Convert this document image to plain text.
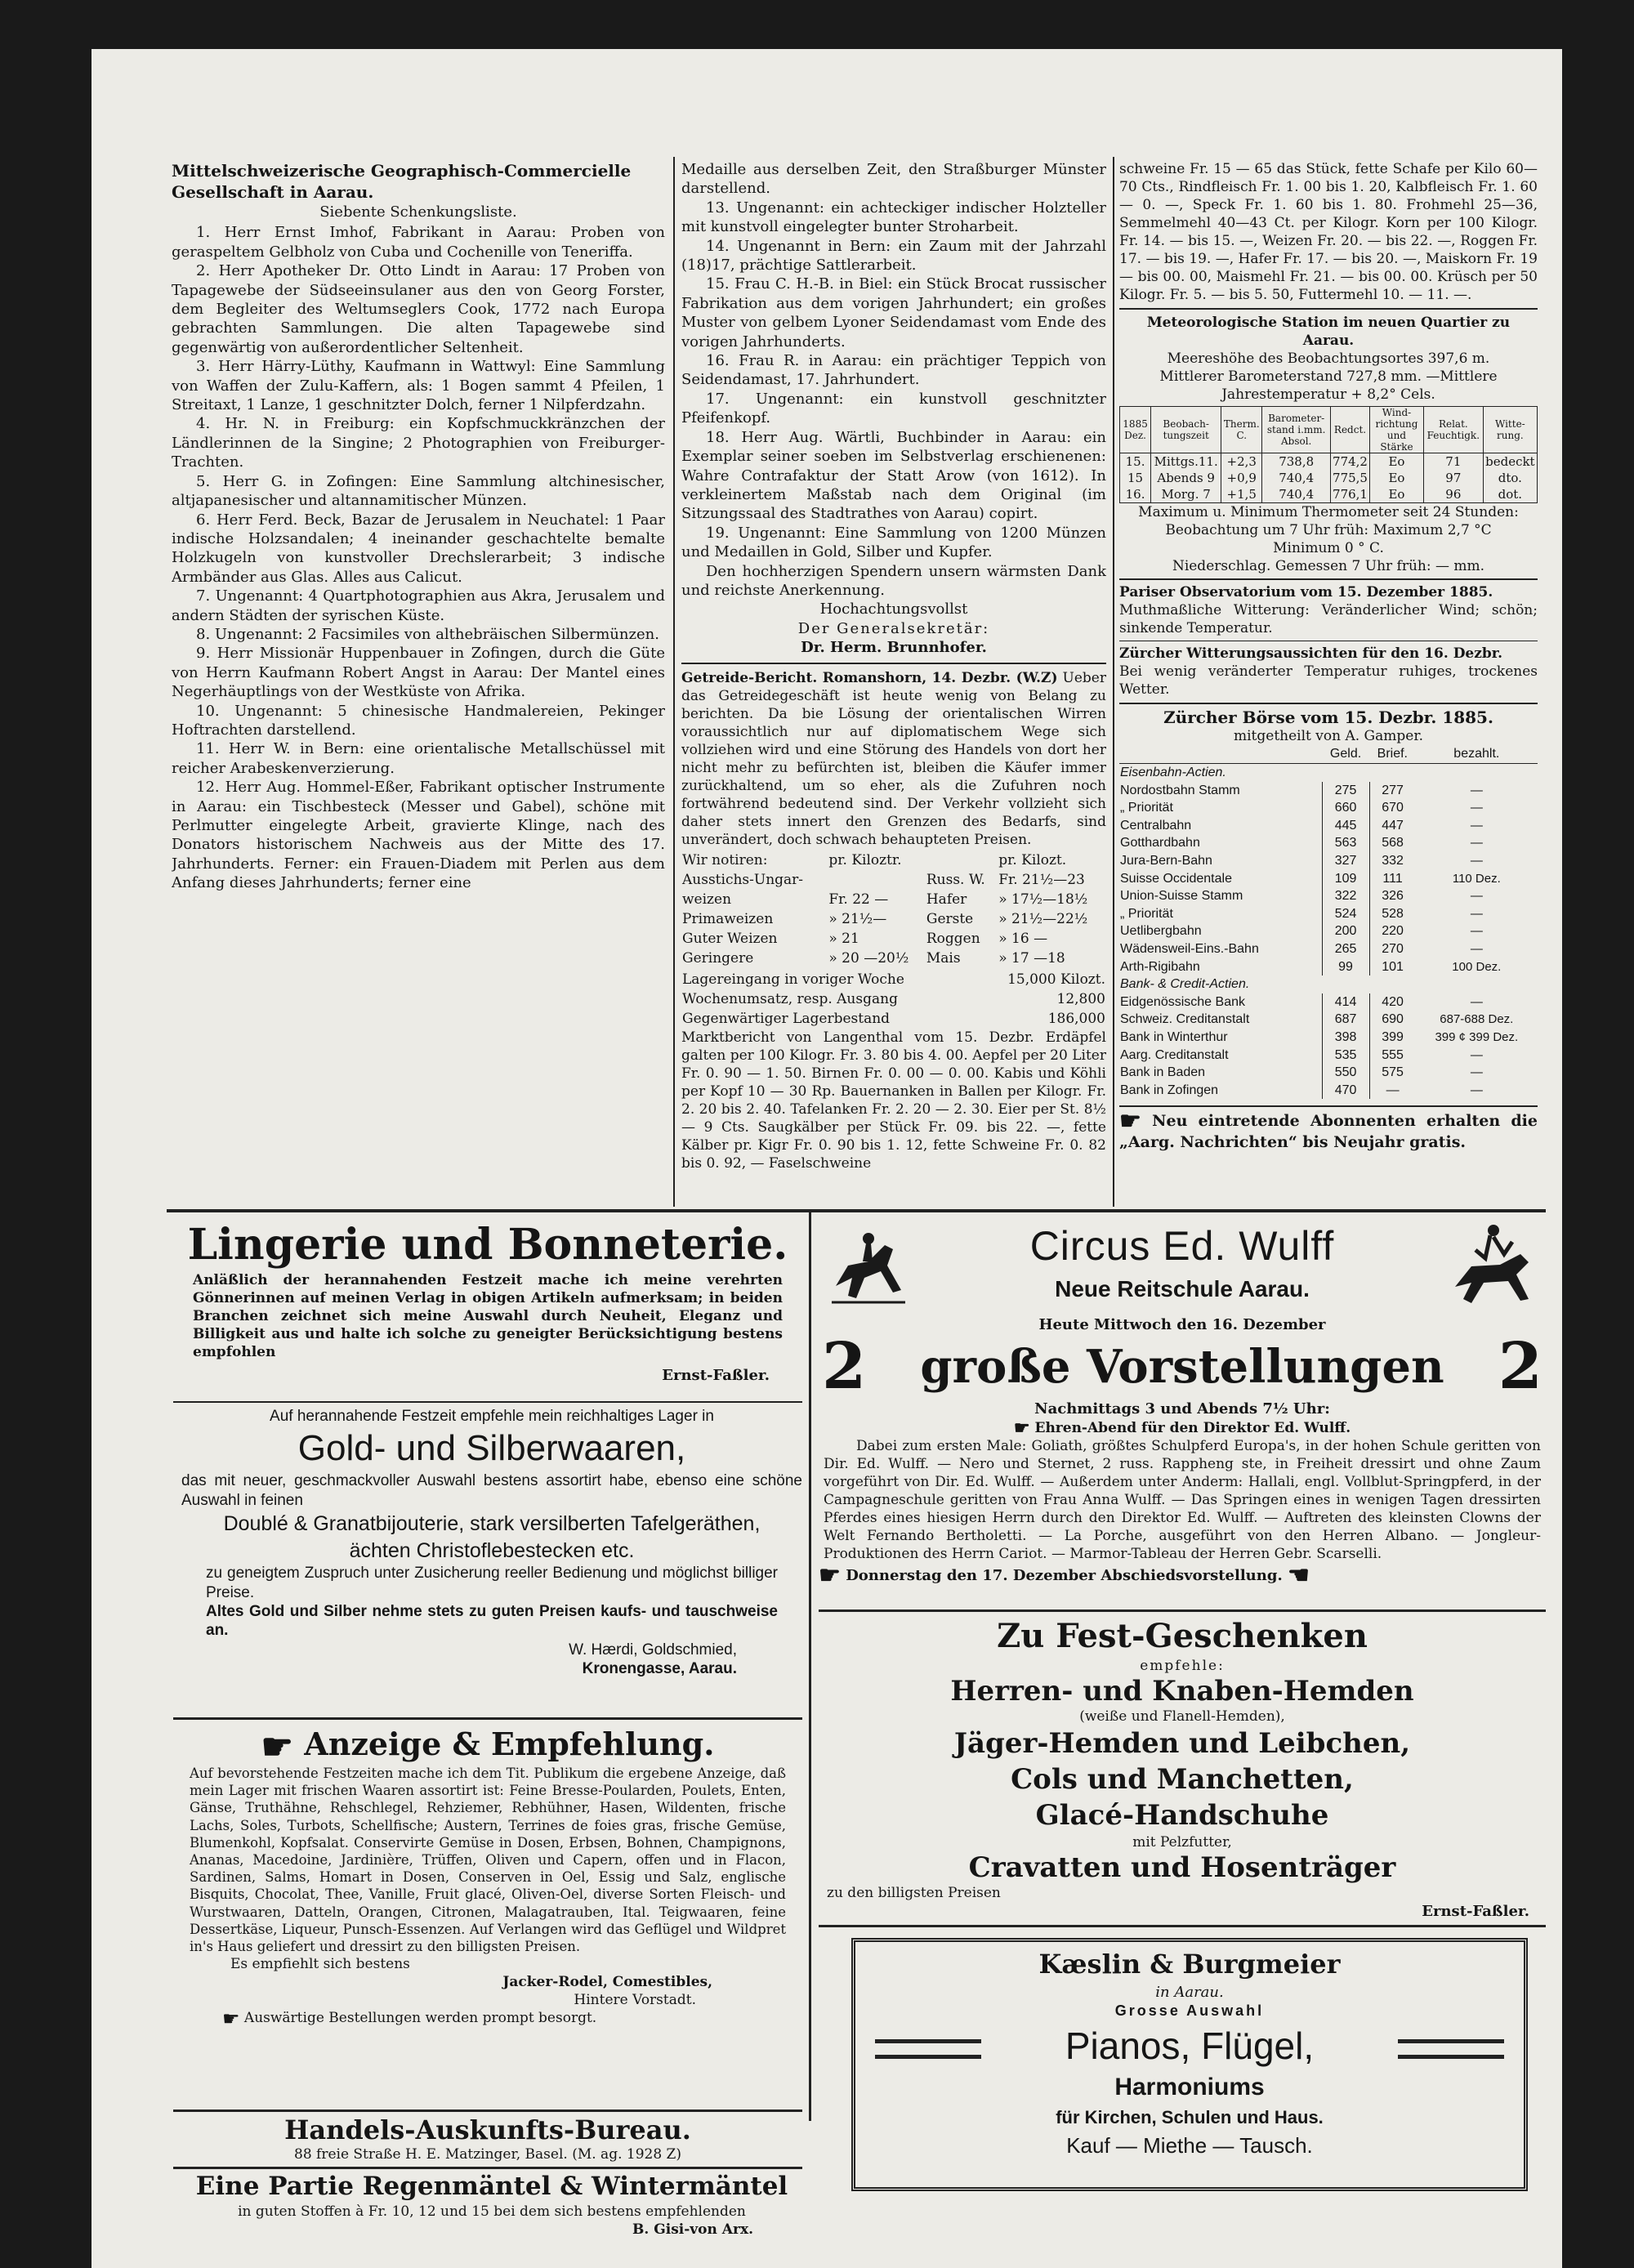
Mittelschweizerische Geographisch-Commercielle Gesellschaft in Aarau.

Siebente Schenkungsliste.

1. Herr Ernst Imhof, Fabrikant in Aarau: Proben von geraspeltem Gelbholz von Cuba und Cochenille von Teneriffa.

2. Herr Apotheker Dr. Otto Lindt in Aarau: 17 Proben von Tapagewebe der Südseeinsulaner aus den von Georg Forster, dem Begleiter des Weltumseglers Cook, 1772 nach Europa gebrachten Sammlungen. Die alten Tapagewebe sind gegenwärtig von außerordentlicher Seltenheit.

3. Herr Härry-Lüthy, Kaufmann in Wattwyl: Eine Sammlung von Waffen der Zulu-Kaffern, als: 1 Bogen sammt 4 Pfeilen, 1 Streitaxt, 1 Lanze, 1 geschnitzter Dolch, ferner 1 Nilpferdzahn.

4. Hr. N. in Freiburg: ein Kopfschmuckkränzchen der Ländlerinnen de la Singine; 2 Photographien von Freiburger-Trachten.

5. Herr G. in Zofingen: Eine Sammlung altchinesischer, altjapanesischer und altannamitischer Münzen.

6. Herr Ferd. Beck, Bazar de Jerusalem in Neuchatel: 1 Paar indische Holzsandalen; 4 ineinander geschachtelte bemalte Holzkugeln von kunstvoller Drechslerarbeit; 3 indische Armbänder aus Glas. Alles aus Calicut.

7. Ungenannt: 4 Quartphotographien aus Akra, Jerusalem und andern Städten der syrischen Küste.

8. Ungenannt: 2 Facsimiles von althebräischen Silbermünzen.

9. Herr Missionär Huppenbauer in Zofingen, durch die Güte von Herrn Kaufmann Robert Angst in Aarau: Der Mantel eines Negerhäuptlings von der Westküste von Afrika.

10. Ungenannt: 5 chinesische Handmalereien, Pekinger Hoftrachten darstellend.

11. Herr W. in Bern: eine orientalische Metallschüssel mit reicher Arabeskenverzierung.

12. Herr Aug. Hommel-Eßer, Fabrikant optischer Instrumente in Aarau: ein Tischbesteck (Messer und Gabel), schöne mit Perlmutter eingelegte Arbeit, gravierte Klinge, nach des Donators historischem Nachweis aus der Mitte des 17. Jahrhunderts. Ferner: ein Frauen-Diadem mit Perlen aus dem Anfang dieses Jahrhunderts; ferner eine

Medaille aus derselben Zeit, den Straßburger Münster darstellend.

13. Ungenannt: ein achteckiger indischer Holzteller mit kunstvoll eingelegter bunter Stroharbeit.

14. Ungenannt in Bern: ein Zaum mit der Jahrzahl (18)17, prächtige Sattlerarbeit.

15. Frau C. H.-B. in Biel: ein Stück Brocat russischer Fabrikation aus dem vorigen Jahrhundert; ein großes Muster von gelbem Lyoner Seidendamast vom Ende des vorigen Jahrhunderts.

16. Frau R. in Aarau: ein prächtiger Teppich von Seidendamast, 17. Jahrhundert.

17. Ungenannt: ein kunstvoll geschnitzter Pfeifenkopf.

18. Herr Aug. Wärtli, Buchbinder in Aarau: ein Exemplar seiner soeben im Selbstverlag erschienenen: Wahre Contrafaktur der Statt Arow (von 1612). In verkleinertem Maßstab nach dem Original (im Sitzungssaal des Stadtrathes von Aarau) copirt.

19. Ungenannt: Eine Sammlung von 1200 Münzen und Medaillen in Gold, Silber und Kupfer.

Den hochherzigen Spendern unsern wärmsten Dank und reichste Anerkennung.

Hochachtungsvollst

Der Generalsekretär:

Dr. Herm. Brunnhofer.

Getreide-Bericht. Romanshorn, 14. Dezbr. (W.Z) Ueber das Getreidegeschäft ist heute wenig von Belang zu berichten. Da bie Lösung der orientalischen Wirren voraussichtlich nur auf diplomatischem Wege sich vollziehen wird und eine Störung des Handels von dort her nicht mehr zu befürchten ist, bleiben die Käufer immer zurückhaltend, um so eher, als die Zufuhren noch fortwährend bedeutend sind. Der Verkehr vollzieht sich daher stets innert den Grenzen des Bedarfs, sind unverändert, doch schwach behaupteten Preisen.

Wir notiren:	pr. Kiloztr.		pr. Kilozt.
Ausstichs-Ungar-		Russ. W.	Fr. 21½—23
weizen	Fr. 22 —	Hafer	» 17½—18½
Primaweizen	» 21½—	Gerste	» 21½—22½
Guter Weizen	» 21	Roggen	» 16 —
Geringere	» 20 —20½	Mais	» 17 —18
Lagereingang in voriger Woche	15,000 Kilozt.
Wochenumsatz, resp. Ausgang	12,800
Gegenwärtiger Lagerbestand	186,000

Marktbericht von Langenthal vom 15. Dezbr. Erdäpfel galten per 100 Kilogr. Fr. 3. 80 bis 4. 00. Aepfel per 20 Liter Fr. 0. 90 — 1. 50. Birnen Fr. 0. 00 — 0. 00. Kabis und Köhli per Kopf 10 — 30 Rp. Bauernanken in Ballen per Kilogr. Fr. 2. 20 bis 2. 40. Tafelanken Fr. 2. 20 — 2. 30. Eier per St. 8½ — 9 Cts. Saugkälber per Stück Fr. 09. bis 22. —, fette Kälber pr. Kigr Fr. 0. 90 bis 1. 12, fette Schweine Fr. 0. 82 bis 0. 92, — Faselschweine

schweine Fr. 15 — 65 das Stück, fette Schafe per Kilo 60—70 Cts., Rindfleisch Fr. 1. 00 bis 1. 20, Kalbfleisch Fr. 1. 60 — 0. —, Speck Fr. 1. 60 bis 1. 80. Frohmehl 25—36, Semmelmehl 40—43 Ct. per Kilogr. Korn per 100 Kilogr. Fr. 14. — bis 15. —, Weizen Fr. 20. — bis 22. —, Roggen Fr. 17. — bis 19. —, Hafer Fr. 17. — bis 20. —, Maiskorn Fr. 19 — bis 00. 00, Maismehl Fr. 21. — bis 00. 00. Krüsch per 50 Kilogr. Fr. 5. — bis 5. 50, Futtermehl 10. — 11. —.

Meteorologische Station im neuen Quartier zu Aarau.

Meereshöhe des Beobachtungsortes 397,6 m.

Mittlerer Barometerstand 727,8 mm. —Mittlere Jahrestemperatur + 8,2° Cels.

1885 Dez.	Beobach-tungszeit	Therm. C.	Barometer-stand i.mm. Absol.	Redct.	Wind-richtung und Stärke	Relat. Feuchtigk.	Witte-rung.
15.	Mittgs.11.	+2,3	738,8	774,2	Eo	71	bedeckt
15	Abends 9	+0,9	740,4	775,5	Eo	97	dto.
16.	Morg. 7	+1,5	740,4	776,1	Eo	96	dot.

Maximum u. Minimum Thermometer seit 24 Stunden:

Beobachtung um 7 Uhr früh: Maximum 2,7 °C

Minimum 0 ° C.

Niederschlag. Gemessen 7 Uhr früh: — mm.

Pariser Observatorium vom 15. Dezember 1885.

Muthmaßliche Witterung: Veränderlicher Wind; schön; sinkende Temperatur.

Zürcher Witterungsaussichten für den 16. Dezbr.

Bei wenig veränderter Temperatur ruhiges, trockenes Wetter.

Zürcher Börse vom 15. Dezbr. 1885.

mitgetheilt von A. Gamper.

	Geld.	Brief.	bezahlt.
Eisenbahn-Actien.			
Nordostbahn Stamm	275	277	—
„ Priorität	660	670	—
Centralbahn	445	447	—
Gotthardbahn	563	568	—
Jura-Bern-Bahn	327	332	—
Suisse Occidentale	109	111	110 Dez.
Union-Suisse Stamm	322	326	—
„ Priorität	524	528	—
Uetlibergbahn	200	220	—
Wädensweil-Eins.-Bahn	265	270	—
Arth-Rigibahn	99	101	100 Dez.
Bank- & Credit-Actien.			
Eidgenössische Bank	414	420	—
Schweiz. Creditanstalt	687	690	687-688 Dez.
Bank in Winterthur	398	399	399 ¢ 399 Dez.
Aarg. Creditanstalt	535	555	—
Bank in Baden	550	575	—
Bank in Zofingen	470	—	—

☛ Neu eintretende Abonnenten erhalten die „Aarg. Nachrichten“ bis Neujahr gratis.

Lingerie und Bonneterie.

Anläßlich der herannahenden Festzeit mache ich meine verehrten Gönnerinnen auf meinen Verlag in obigen Artikeln aufmerksam; in beiden Branchen zeichnet sich meine Auswahl durch Neuheit, Eleganz und Billigkeit aus und halte ich solche zu geneigter Berücksichtigung bestens empfohlen

Ernst-Faßler.

Auf herannahende Festzeit empfehle mein reichhaltiges Lager in

Gold- und Silberwaaren,

das mit neuer, geschmackvoller Auswahl bestens assortirt habe, ebenso eine schöne Auswahl in feinen

Doublé & Granatbijouterie, stark versilberten Tafelgeräthen,

ächten Christoflebestecken etc.

zu geneigtem Zuspruch unter Zusicherung reeller Bedienung und möglichst billiger Preise.

Altes Gold und Silber nehme stets zu guten Preisen kaufs- und tauschweise an.

W. Hærdi, Goldschmied,

Kronengasse, Aarau.

☛ Anzeige & Empfehlung.

Auf bevorstehende Festzeiten mache ich dem Tit. Publikum die ergebene Anzeige, daß mein Lager mit frischen Waaren assortirt ist: Feine Bresse-Poularden, Poulets, Enten, Gänse, Truthähne, Rehschlegel, Rehziemer, Rebhühner, Hasen, Wildenten, frische Lachs, Soles, Turbots, Schellfische; Austern, Terrines de foies gras, frische Gemüse, Blumenkohl, Kopfsalat. Conservirte Gemüse in Dosen, Erbsen, Bohnen, Champignons, Ananas, Macedoine, Jardinière, Trüffen, Oliven und Capern, offen und in Flacon, Sardinen, Salms, Homart in Dosen, Conserven in Oel, Essig und Salz, englische Bisquits, Chocolat, Thee, Vanille, Fruit glacé, Oliven-Oel, diverse Sorten Fleisch- und Wurstwaaren, Datteln, Orangen, Citronen, Malagatrauben, Ital. Teigwaaren, feine Dessertkäse, Liqueur, Punsch-Essenzen. Auf Verlangen wird das Geflügel und Wildpret in's Haus geliefert und dressirt zu den billigsten Preisen.

Es empfiehlt sich bestens

Jacker-Rodel, Comestibles,

Hintere Vorstadt.

☛ Auswärtige Bestellungen werden prompt besorgt.

Handels-Auskunfts-Bureau.

88 freie Straße H. E. Matzinger, Basel. (M. ag. 1928 Z)

Eine Partie Regenmäntel & Wintermäntel

in guten Stoffen à Fr. 10, 12 und 15 bei dem sich bestens empfehlenden

B. Gisi-von Arx.

Circus Ed. Wulff

Neue Reitschule Aarau.

Heute Mittwoch den 16. Dezember

2	große Vorstellungen 2

Nachmittags 3 und Abends 7½ Uhr:

☛ Ehren-Abend für den Direktor Ed. Wulff.

Dabei zum ersten Male: Goliath, größtes Schulpferd Europa's, in der hohen Schule geritten von Dir. Ed. Wulff. — Nero und Sternet, 2 russ. Rappheng ste, in Freiheit dressirt und ohne Zaum vorgeführt von Dir. Ed. Wulff. — Außerdem unter Anderm: Hallali, engl. Vollblut-Springpferd, in der Campagneschule geritten von Frau Anna Wulff. — Das Springen eines in wenigen Tagen dressirten Pferdes eines hiesigen Herrn durch den Direktor Ed. Wulff. — Auftreten des kleinsten Clowns der Welt Fernando Bertholetti. — La Porche, ausgeführt von den Herren Albano. — Jongleur-Produktionen des Herrn Cariot. — Marmor-Tableau der Herren Gebr. Scarselli.

☛ Donnerstag den 17. Dezember Abschiedsvorstellung. ☚

Zu Fest-Geschenken

empfehle:

Herren- und Knaben-Hemden

(weiße und Flanell-Hemden),

Jäger-Hemden und Leibchen,

Cols und Manchetten,

Glacé-Handschuhe

mit Pelzfutter,

Cravatten und Hosenträger

zu den billigsten Preisen

Ernst-Faßler.

Kæslin & Burgmeier

in Aarau.

Grosse Auswahl

Pianos, Flügel,

Harmoniums

für Kirchen, Schulen und Haus.

Kauf — Miethe — Tausch.
